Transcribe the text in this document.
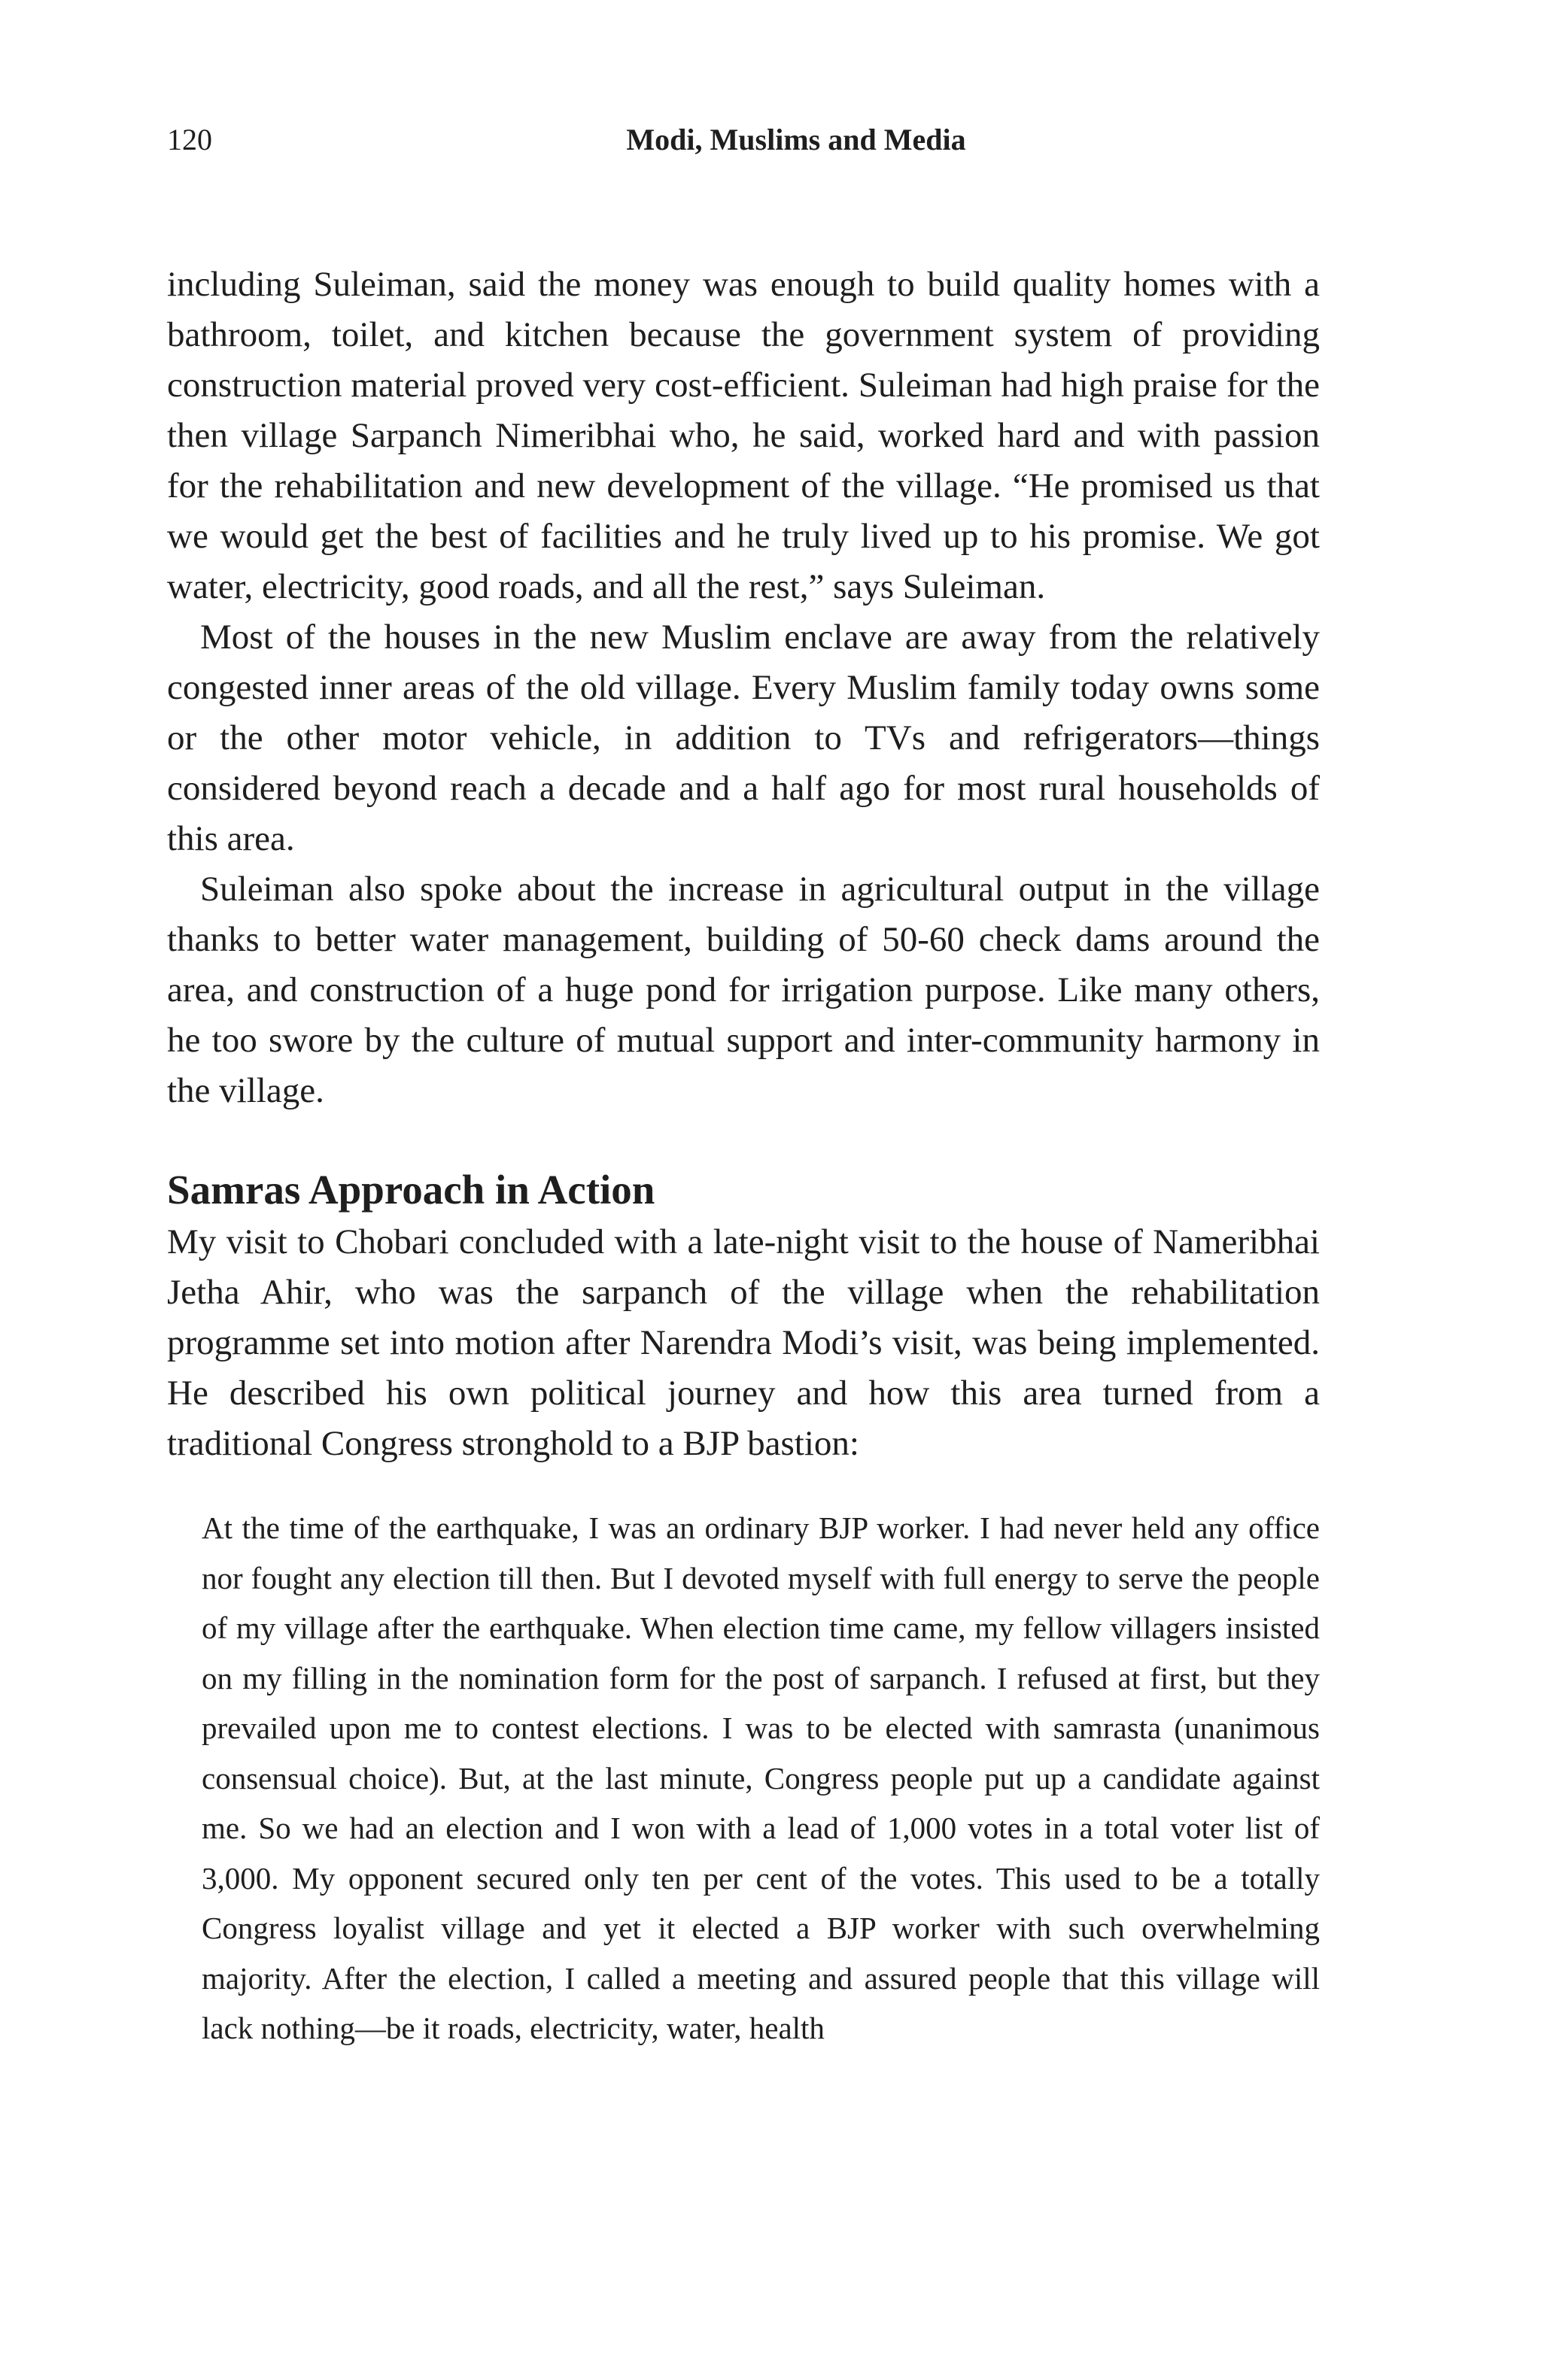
120	Modi, Muslims and Media

including Suleiman, said the money was enough to build quality homes with a bathroom, toilet, and kitchen because the government system of providing construction material proved very cost-efficient. Suleiman had high praise for the then village Sarpanch Nimeribhai who, he said, worked hard and with passion for the rehabilitation and new development of the village. “He promised us that we would get the best of facilities and he truly lived up to his promise. We got water, electricity, good roads, and all the rest,” says Suleiman.

Most of the houses in the new Muslim enclave are away from the relatively congested inner areas of the old village. Every Muslim family today owns some or the other motor vehicle, in addition to TVs and refrigerators—things considered beyond reach a decade and a half ago for most rural households of this area.

Suleiman also spoke about the increase in agricultural output in the village thanks to better water management, building of 50-60 check dams around the area, and construction of a huge pond for irrigation purpose. Like many others, he too swore by the culture of mutual support and inter-community harmony in the village.

Samras Approach in Action

My visit to Chobari concluded with a late-night visit to the house of Nameribhai Jetha Ahir, who was the sarpanch of the village when the rehabilitation programme set into motion after Narendra Modi’s visit, was being implemented. He described his own political journey and how this area turned from a traditional Congress stronghold to a BJP bastion:

At the time of the earthquake, I was an ordinary BJP worker. I had never held any office nor fought any election till then. But I devoted myself with full energy to serve the people of my village after the earthquake. When election time came, my fellow villagers insisted on my filling in the nomination form for the post of sarpanch. I refused at first, but they prevailed upon me to contest elections. I was to be elected with samrasta (unanimous consensual choice). But, at the last minute, Congress people put up a candidate against me. So we had an election and I won with a lead of 1,000 votes in a total voter list of 3,000. My opponent secured only ten per cent of the votes. This used to be a totally Congress loyalist village and yet it elected a BJP worker with such overwhelming majority. After the election, I called a meeting and assured people that this village will lack nothing—be it roads, electricity, water, health
